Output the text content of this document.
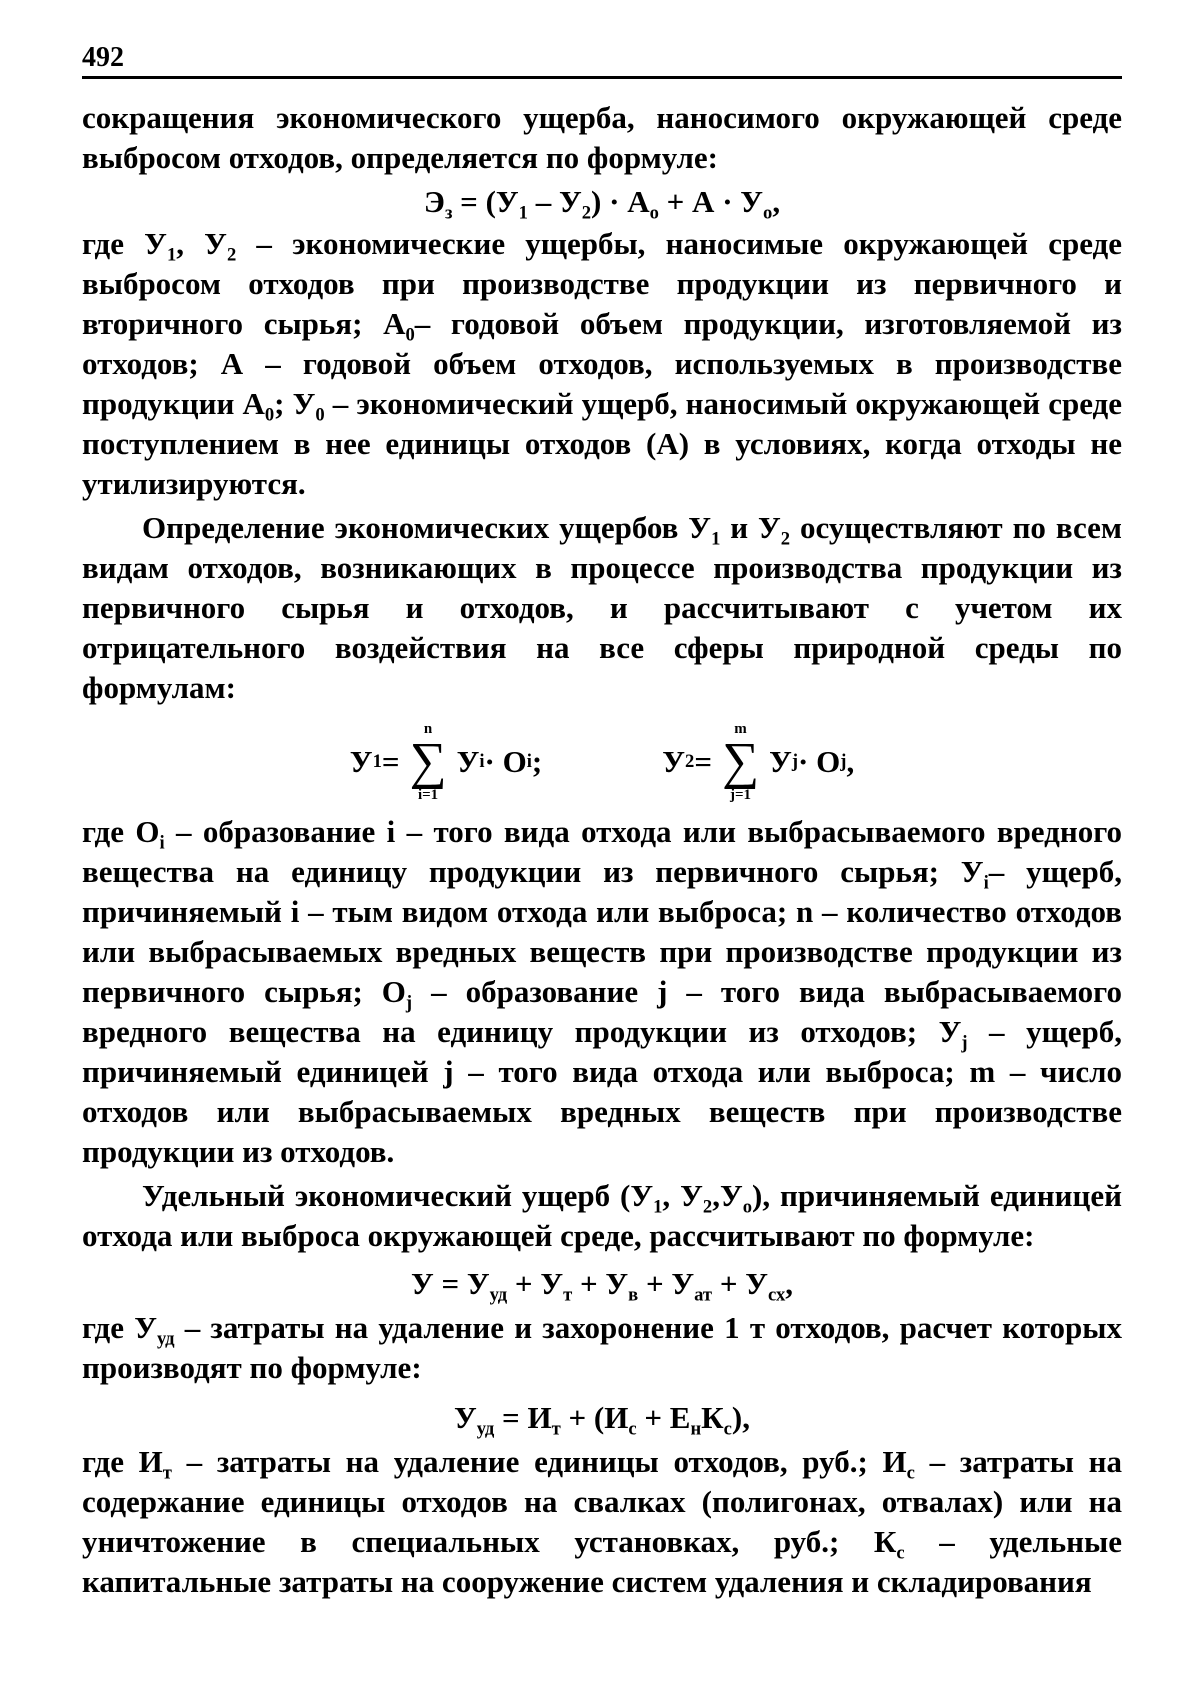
492

сокращения экономического ущерба, наносимого окружающей среде выбросом отходов, определяется по формуле:

$Э_з = (У_1 - У_2) \cdot А_о + А \cdot У_о$,

где $У_1$, $У_2$ – экономические ущербы, наносимые окружающей среде выбросом отходов при производстве продукции из первичного и вторичного сырья; $А_0-$ годовой объем продукции, изготовляемой из отходов; А – годовой объем отходов, используемых в производстве продукции $А_0$; $У_0$ – экономический ущерб, наносимый окружающей среде поступлением в нее единицы отходов (А) в условиях, когда отходы не утилизируются.

Определение экономических ущербов $У_1$ и $У_2$ осуществляют по всем видам отходов, возникающих в процессе производства продукции из первичного сырья и отходов, и рассчитывают с учетом их отрицательного воздействия на все сферы природной среды по формулам:

У 1 =
n
∑
i=1
У i · О i ;	У 2 =
m
∑
j=1
У j · О j ,

где $О_i$ – образование i – того вида отхода или выбрасываемого вредного вещества на единицу продукции из первичного сырья; $У_i-$ ущерб, причиняемый i – тым видом отхода или выброса; n – количество отходов или выбрасываемых вредных веществ при производстве продукции из первичного сырья; $О_j$ – образование j – того вида выбрасываемого вредного вещества на единицу продукции из отходов; $У_j$ – ущерб, причиняемый единицей j – того вида отхода или выброса; m – число отходов или выбрасываемых вредных веществ при производстве продукции из отходов.

Удельный экономический ущерб ($У_1$, $У_2,У_о$), причиняемый единицей отхода или выброса окружающей среде, рассчитывают по формуле:

$У = У_{уд} + У_т + У_в + У_{ат} + У_{сх}$,

где $У_{уд}$ – затраты на удаление и захоронение 1 т отходов, расчет которых производят по формуле:

$У_{уд} = И_т + (И_с + Е_нК_с)$,

где $И_т$ – затраты на удаление единицы отходов, руб.; $И_с$ – затраты на содержание единицы отходов на свалках (полигонах, отвалах) или на уничтожение в специальных установках, руб.; $К_с$ – удельные капитальные затраты на сооружение систем удаления и складирования
